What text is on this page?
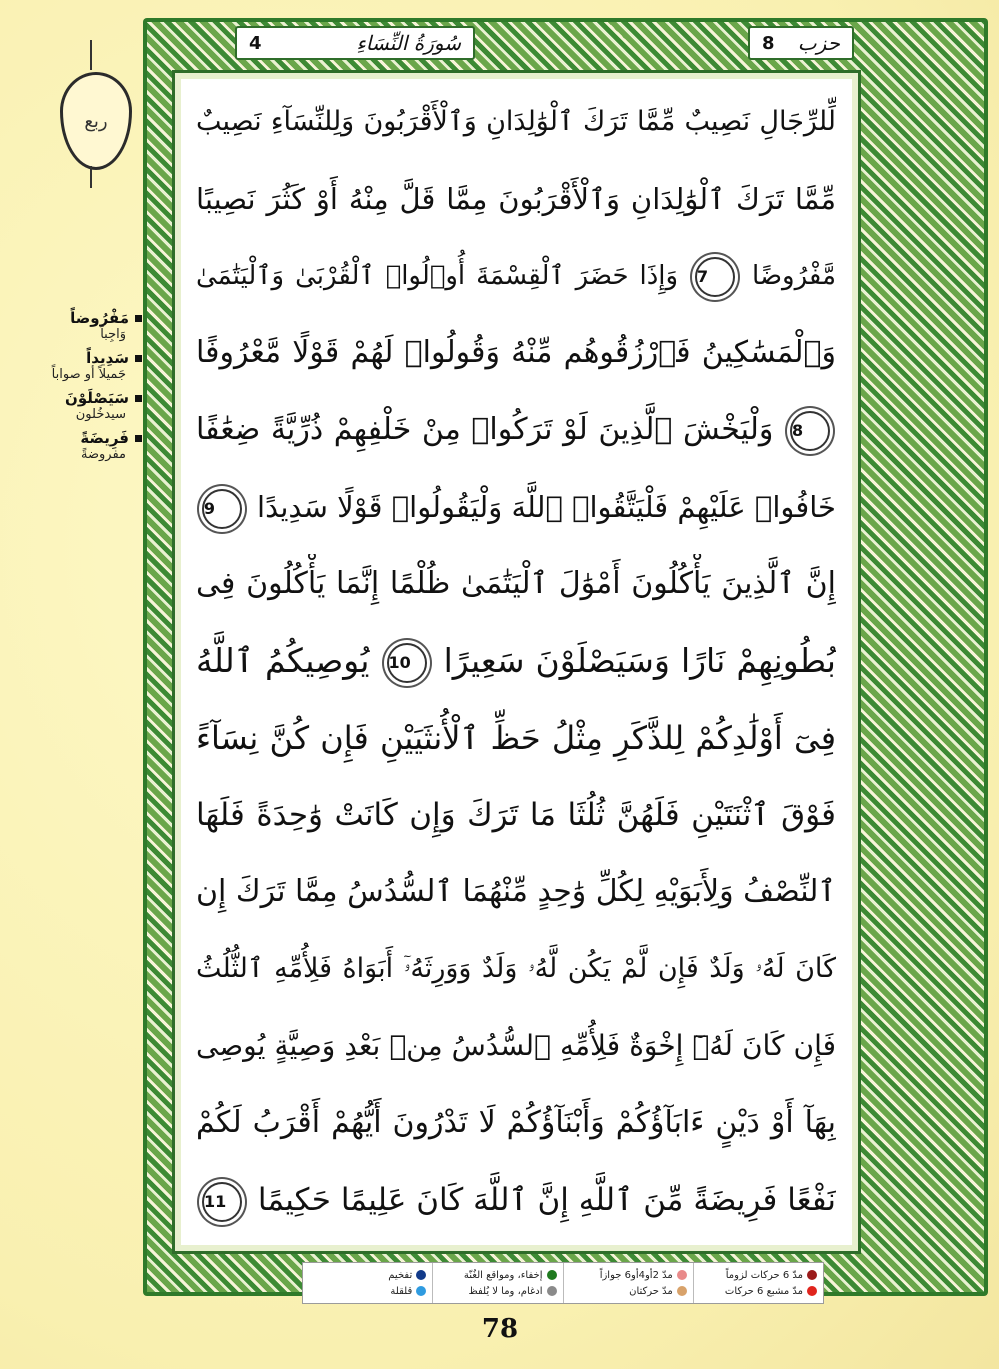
4	سُورَةُ النِّسَاءِ	8 حزب
ربع
مَفْرُوضاً
وَاجِباً
سَدِيداً
جَميلاً أو صواباً
سَيَصْلَوْنَ
سيدخُلون
فَرِيضَةً
مفروضةً
لِّلرِّجَالِ نَصِيبٌ مِّمَّا تَرَكَ ٱلْوَٰلِدَانِ وَٱلْأَقْرَبُونَ وَلِلنِّسَآءِ نَصِيبٌ
مِّمَّا تَرَكَ ٱلْوَٰلِدَانِ وَٱلْأَقْرَبُونَ مِمَّا قَلَّ مِنْهُ أَوْ كَثُرَ نَصِيبًا
مَّفْرُوضًا 7 وَإِذَا حَضَرَ ٱلْقِسْمَةَ أُو۟لُوا۟ ٱلْقُرْبَىٰ وَٱلْيَتَٰمَىٰ
وَٱلْمَسَٰكِينُ فَٱرْزُقُوهُم مِّنْهُ وَقُولُوا۟ لَهُمْ قَوْلًا مَّعْرُوفًا
8 وَلْيَخْشَ ٱلَّذِينَ لَوْ تَرَكُوا۟ مِنْ خَلْفِهِمْ ذُرِّيَّةً ضِعَٰفًا
خَافُوا۟ عَلَيْهِمْ فَلْيَتَّقُوا۟ ٱللَّهَ وَلْيَقُولُوا۟ قَوْلًا سَدِيدًا 9
إِنَّ ٱلَّذِينَ يَأْكُلُونَ أَمْوَٰلَ ٱلْيَتَٰمَىٰ ظُلْمًا إِنَّمَا يَأْكُلُونَ فِى
بُطُونِهِمْ نَارًا وَسَيَصْلَوْنَ سَعِيرًا 10 يُوصِيكُمُ ٱللَّهُ
فِىٓ أَوْلَٰدِكُمْ لِلذَّكَرِ مِثْلُ حَظِّ ٱلْأُنثَيَيْنِ فَإِن كُنَّ نِسَآءً
فَوْقَ ٱثْنَتَيْنِ فَلَهُنَّ ثُلُثَا مَا تَرَكَ وَإِن كَانَتْ وَٰحِدَةً فَلَهَا
ٱلنِّصْفُ وَلِأَبَوَيْهِ لِكُلِّ وَٰحِدٍ مِّنْهُمَا ٱلسُّدُسُ مِمَّا تَرَكَ إِن
كَانَ لَهُۥ وَلَدٌ فَإِن لَّمْ يَكُن لَّهُۥ وَلَدٌ وَوَرِثَهُۥٓ أَبَوَاهُ فَلِأُمِّهِ ٱلثُّلُثُ
فَإِن كَانَ لَهُۥٓ إِخْوَةٌ فَلِأُمِّهِ ٱلسُّدُسُ مِنۢ بَعْدِ وَصِيَّةٍ يُوصِى
بِهَآ أَوْ دَيْنٍ ءَابَآؤُكُمْ وَأَبْنَآؤُكُمْ لَا تَدْرُونَ أَيُّهُمْ أَقْرَبُ لَكُمْ
نَفْعًا فَرِيضَةً مِّنَ ٱللَّهِ إِنَّ ٱللَّهَ كَانَ عَلِيمًا حَكِيمًا 11
مدّ 6 حركات لزوماً
مدّ مشبع 6 حركات
مدّ 2أو4أو6 جوازاً
مدّ حركتان
إخفاء، ومواقع الغُنّة
ادغام، وما لا يُلفظ
تفخيم
قلقلة
78
